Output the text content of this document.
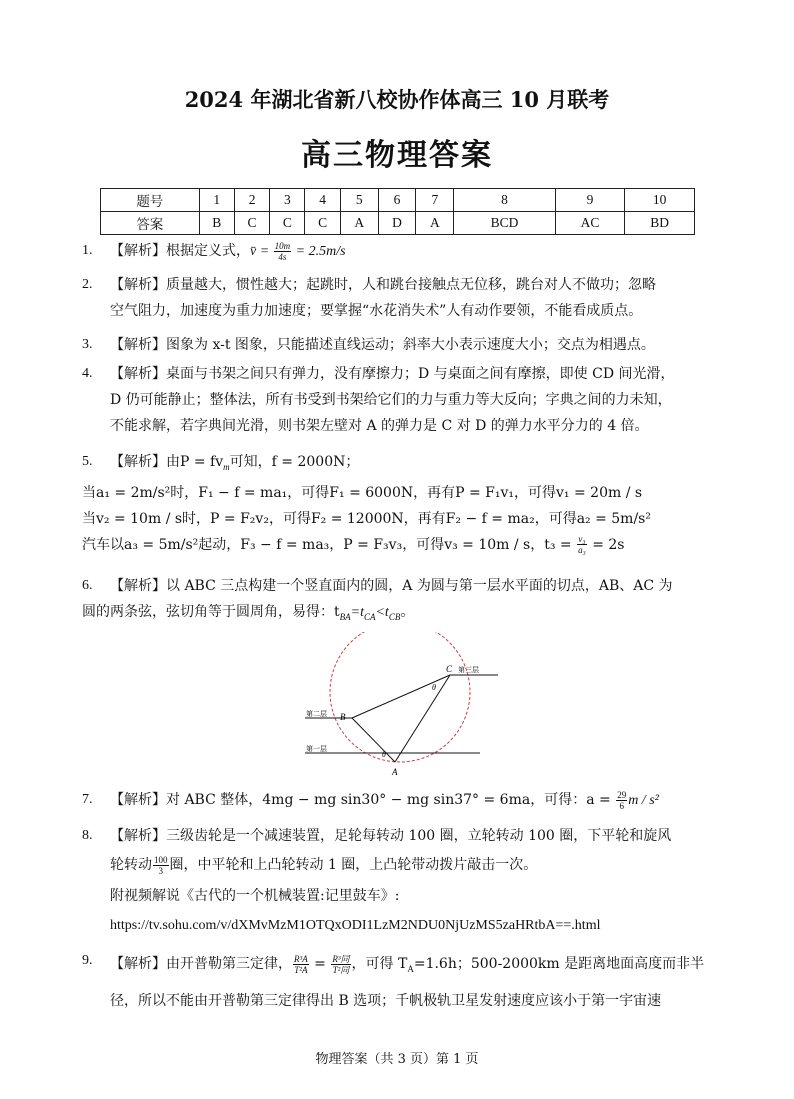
2024 年湖北省新八校协作体高三 10 月联考
高三物理答案
题号	1	2	3	4	5	6	7	8	9	10
答案	B	C	C	C	A	D	A	BCD	AC	BD
1. 【解析】根据定义式，v̄ = $\frac{10m}{4s} = 2.5m/s$
2. 【解析】质量越大，惯性越大；起跳时，人和跳台接触点无位移，跳台对人不做功；忽略
空气阻力，加速度为重力加速度；要掌握“水花消失术”人有动作要领，不能看成质点。
3. 【解析】图象为 x-t 图象，只能描述直线运动；斜率大小表示速度大小；交点为相遇点。
4. 【解析】桌面与书架之间只有弹力，没有摩擦力；D 与桌面之间有摩擦，即使 CD 间光滑，
D 仍可能静止；整体法，所有书受到书架给它们的力与重力等大反向；字典之间的力未知，
不能求解，若字典间光滑，则书架左壁对 A 的弹力是 C 对 D 的弹力水平分力的 4 倍。
5. 【解析】由$P = fv_m$可知，f = 2000N；
当a₁ = 2m/s²时，F₁ − f = ma₁，可得F₁ = 6000N，再有P = F₁v₁，可得v₁ = 20m / s
当v₂ = 10m / s时，P = F₂v₂，可得F₂ = 12000N，再有F₂ − f = ma₂，可得a₂ = 5m/s²
汽车以a₃ = 5m/s²起动，F₃ − f = ma₃，P = F₃v₃，可得v₃ = 10m / s，$t_3 = \frac{\text{v₃}}{\text{a₃}} = 2s$
6. 【解析】以 ABC 三点构建一个竖直面内的圆，A 为圆与第一层水平面的切点，AB、AC 为
圆的两条弦，弦切角等于圆周角，易得：$t_{BA}=t_{CA}<t_{CB}$。
C 第三层
B
第二层
第一层
A
θ
θ
7. 【解析】对 ABC 整体，4mg − mg sin30° − mg sin37° = 6ma，可得：$a = \frac{29}{6}$ m / s²
8. 【解析】三级齿轮是一个减速装置，足轮每转动 100 圈，立轮转动 100 圈，下平轮和旋风
轮转动 $\frac{100}{3}$ 圈，中平轮和上凸轮转动 1 圈，上凸轮带动拨片敲击一次。
附视频解说《古代的一个机械装置:记里鼓车》:
https://tv.sohu.com/v/dXMvMzM1OTQxODI1LzM2NDU0NjUzMS5zaHRtbA==.html
9. 【解析】由开普勒第三定律， $\frac{\text{R³A}}{\text{T²A}} = \frac{\text{R³同}}{\text{T²同}}$ ，可得 $T_A=1.6h$；500-2000km 是距离地面高度而非半
径，所以不能由开普勒第三定律得出 B 选项；千帆极轨卫星发射速度应该小于第一宇宙速
物理答案（共 3 页）第 1 页
